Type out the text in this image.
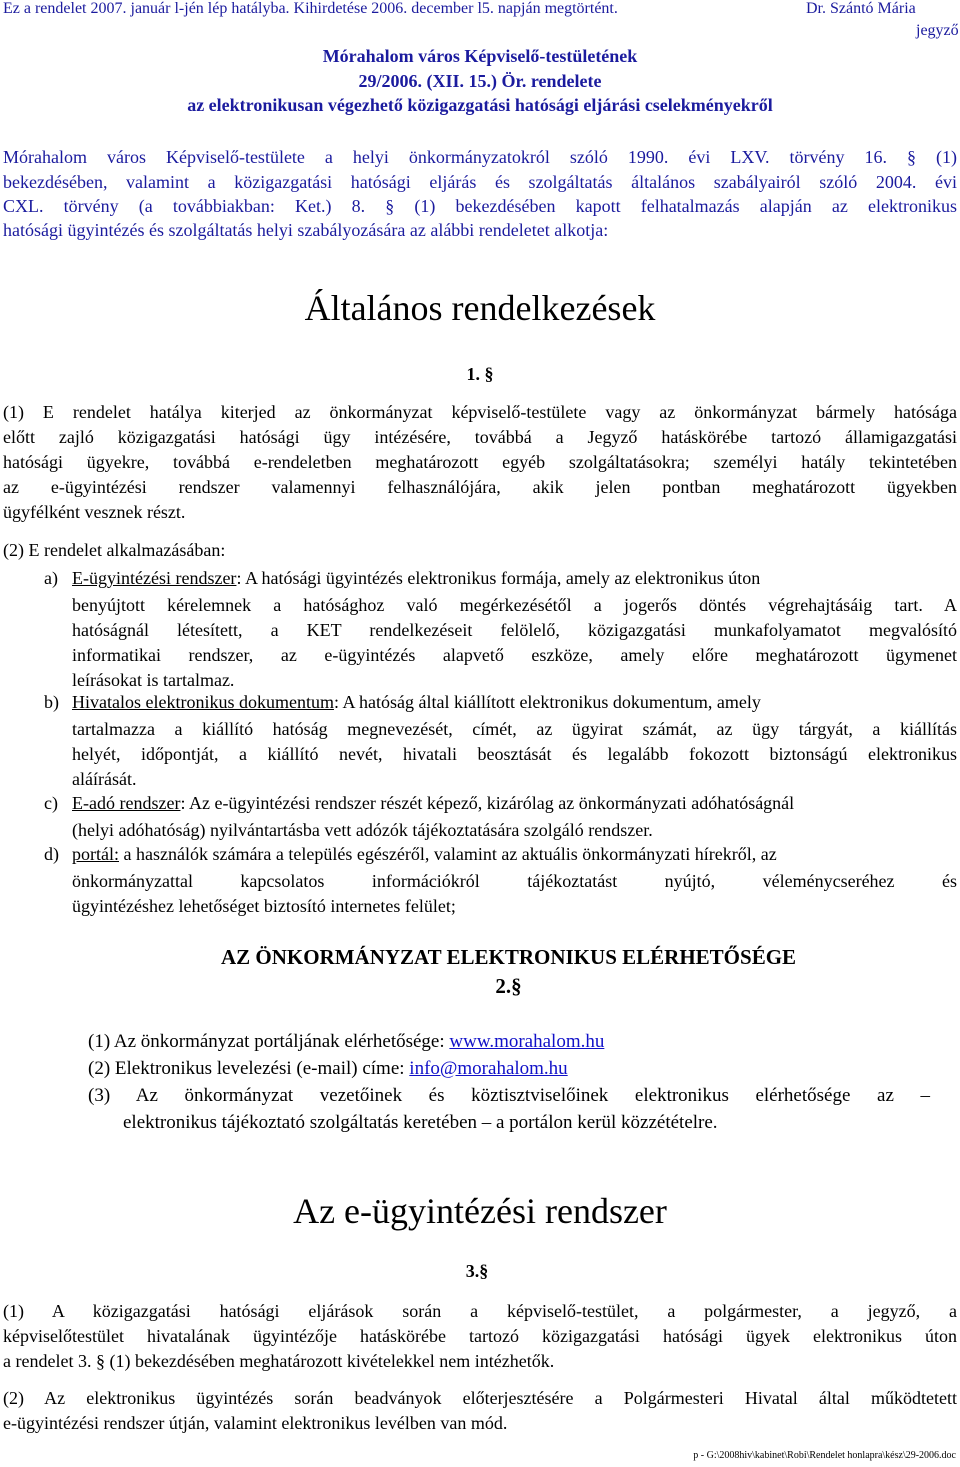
Ez a rendelet 2007. január l-jén lép hatályba. Kihirdetése 2006. december l5. napján megtörtént.	Dr. Szántó Mária
jegyző
Mórahalom város Képviselő-testületének
29/2006. (XII. 15.) Ör. rendelete
az elektronikusan végezhető közigazgatási hatósági eljárási cselekményekről
Mórahalom város Képviselő-testülete a helyi önkormányzatokról szóló 1990. évi LXV. törvény 16. § (1)
bekezdésében, valamint a közigazgatási hatósági eljárás és szolgáltatás általános szabályairól szóló 2004. évi
CXL. törvény (a továbbiakban: Ket.) 8. § (1) bekezdésében kapott felhatalmazás alapján az elektronikus
hatósági ügyintézés és szolgáltatás helyi szabályozására az alábbi rendeletet alkotja:
Általános rendelkezések
1. §
(1) E rendelet hatálya kiterjed az önkormányzat képviselő-testülete vagy az önkormányzat bármely hatósága
előtt zajló közigazgatási hatósági ügy intézésére, továbbá a Jegyző hatáskörébe tartozó államigazgatási
hatósági ügyekre, továbbá e-rendeletben meghatározott egyéb szolgáltatásokra; személyi hatály tekintetében
az e-ügyintézési rendszer valamennyi felhasználójára, akik jelen pontban meghatározott ügyekben
ügyfélként vesznek részt.
(2) E rendelet alkalmazásában:
a) E-ügyintézési rendszer: A hatósági ügyintézés elektronikus formája, amely az elektronikus úton
benyújtott kérelemnek a hatósághoz való megérkezésétől a jogerős döntés végrehajtásáig tart. A
hatóságnál létesített, a KET rendelkezéseit felölelő, közigazgatási munkafolyamatot megvalósító
informatikai rendszer, az e-ügyintézés alapvető eszköze, amely előre meghatározott ügymenet
leírásokat is tartalmaz.
b) Hivatalos elektronikus dokumentum: A hatóság által kiállított elektronikus dokumentum, amely
tartalmazza a kiállító hatóság megnevezését, címét, az ügyirat számát, az ügy tárgyát, a kiállítás
helyét, időpontját, a kiállító nevét, hivatali beosztását és legalább fokozott biztonságú elektronikus
aláírását.
c) E-adó rendszer: Az e-ügyintézési rendszer részét képező, kizárólag az önkormányzati adóhatóságnál
(helyi adóhatóság) nyilvántartásba vett adózók tájékoztatására szolgáló rendszer.
d) portál: a használók számára a település egészéről, valamint az aktuális önkormányzati hírekről, az
önkormányzattal kapcsolatos információkról tájékoztatást nyújtó, véleménycseréhez és
ügyintézéshez lehetőséget biztosító internetes felület;
AZ ÖNKORMÁNYZAT ELEKTRONIKUS ELÉRHETŐSÉGE
2.§
(1) Az önkormányzat portáljának elérhetősége: www.morahalom.hu
(2) Elektronikus levelezési (e-mail) címe: info@morahalom.hu
(3) Az önkormányzat vezetőinek és köztisztviselőinek elektronikus elérhetősége az –
elektronikus tájékoztató szolgáltatás keretében – a portálon kerül közzétételre.
Az e-ügyintézési rendszer
3.§
(1) A közigazgatási hatósági eljárások során a képviselő-testület, a polgármester, a jegyző, a
képviselőtestület hivatalának ügyintézője hatáskörébe tartozó közigazgatási hatósági ügyek elektronikus úton
a rendelet 3. § (1) bekezdésében meghatározott kivételekkel nem intézhetők.
(2) Az elektronikus ügyintézés során beadványok előterjesztésére a Polgármesteri Hivatal által működtetett
e-ügyintézési rendszer útján, valamint elektronikus levélben van mód.
p - G:\2008hiv\kabinet\Robi\Rendelet honlapra\kész\29-2006.doc
